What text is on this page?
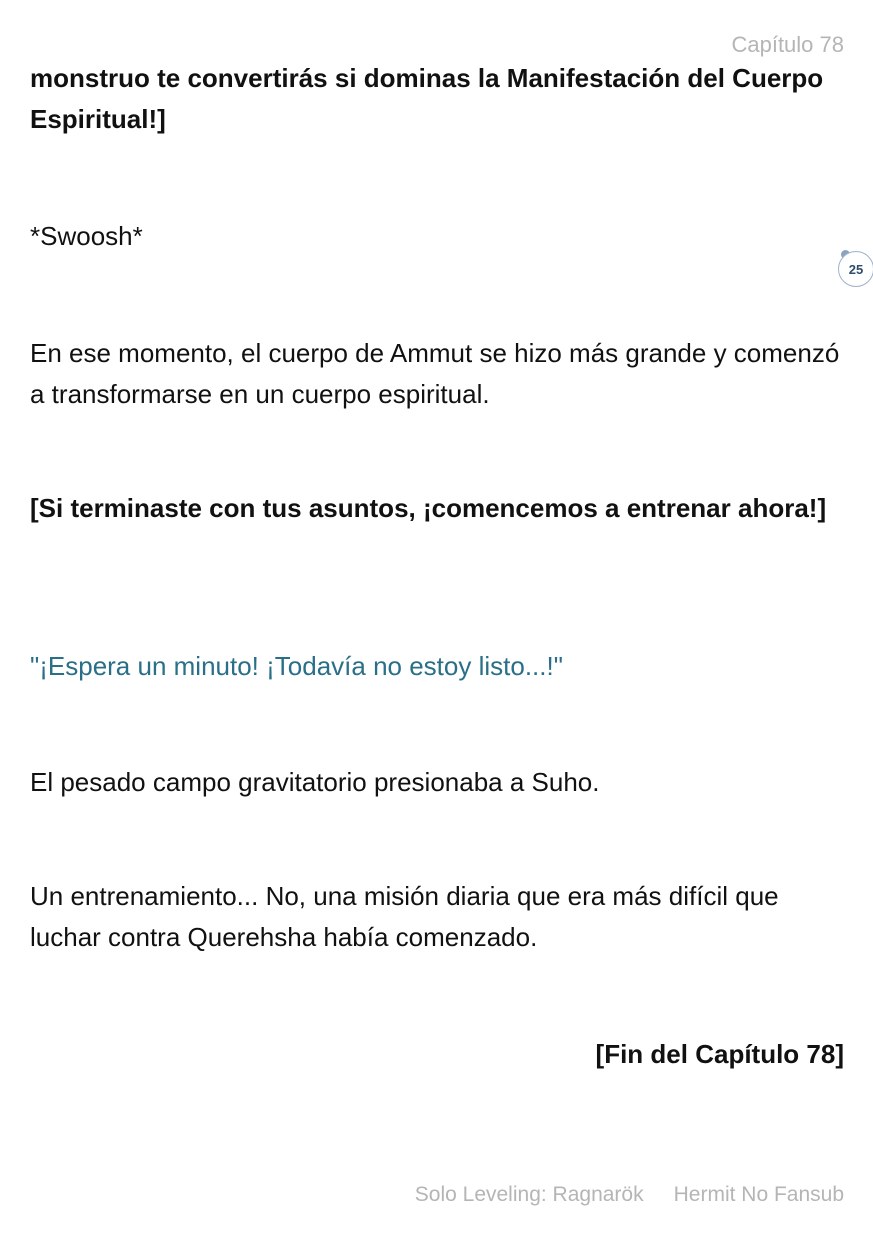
Capítulo 78
25

monstruo te convertirás si dominas la Manifestación del Cuerpo Espiritual!]

*Swoosh*

En ese momento, el cuerpo de Ammut se hizo más grande y comenzó a transformarse en un cuerpo espiritual.

[Si terminaste con tus asuntos, ¡comencemos a entrenar ahora!]

"¡Espera un minuto! ¡Todavía no estoy listo...!"

El pesado campo gravitatorio presionaba a Suho.

Un entrenamiento... No, una misión diaria que era más difícil que luchar contra Querehsha había comenzado.

[Fin del Capítulo 78]
Solo Leveling: Ragnarök Hermit No Fansub
